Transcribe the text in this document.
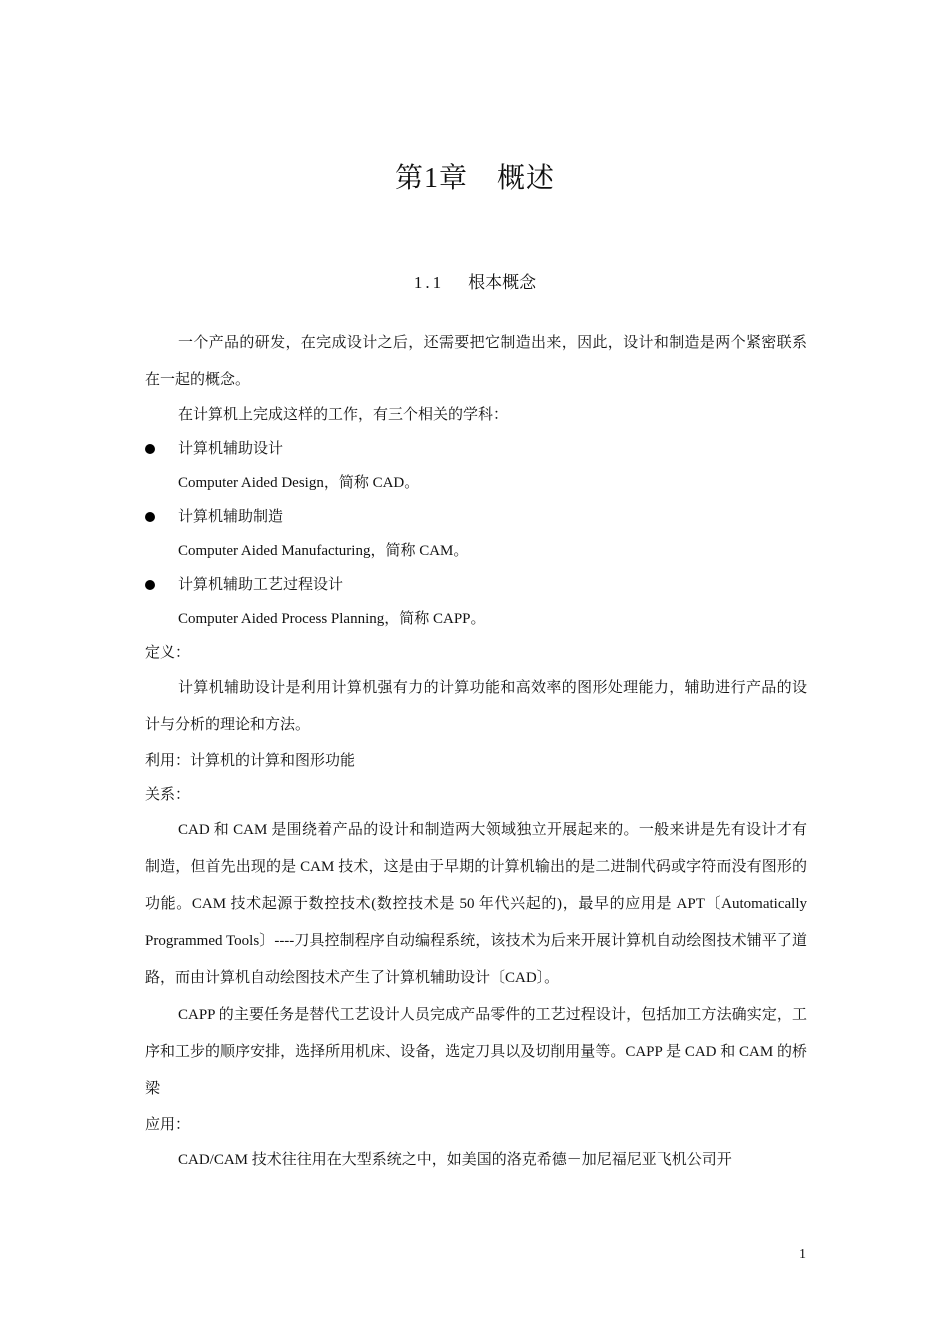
第1章　概述
1.1 根本概念

一个产品的研发，在完成设计之后，还需要把它制造出来，因此，设计和制造是两个紧密联系在一起的概念。

在计算机上完成这样的工作，有三个相关的学科：

计算机辅助设计
Computer Aided Design，简称 CAD。
计算机辅助制造
Computer Aided Manufacturing，简称 CAM。
计算机辅助工艺过程设计
Computer Aided Process Planning，简称 CAPP。
定义：

计算机辅助设计是利用计算机强有力的计算功能和高效率的图形处理能力，辅助进行产品的设计与分析的理论和方法。

利用：计算机的计算和图形功能
关系：

CAD 和 CAM 是围绕着产品的设计和制造两大领域独立开展起来的。一般来讲是先有设计才有制造，但首先出现的是 CAM 技术，这是由于早期的计算机输出的是二进制代码或字符而没有图形的功能。CAM 技术起源于数控技术(数控技术是 50 年代兴起的)，最早的应用是 APT〔Automatically Programmed Tools〕----刀具控制程序自动编程系统，该技术为后来开展计算机自动绘图技术铺平了道路，而由计算机自动绘图技术产生了计算机辅助设计〔CAD〕。

CAPP 的主要任务是替代工艺设计人员完成产品零件的工艺过程设计，包括加工方法确实定，工序和工步的顺序安排，选择所用机床、设备，选定刀具以及切削用量等。CAPP 是 CAD 和 CAM 的桥梁

应用：

CAD/CAM 技术往往用在大型系统之中，如美国的洛克希德－加尼福尼亚飞机公司开

1
